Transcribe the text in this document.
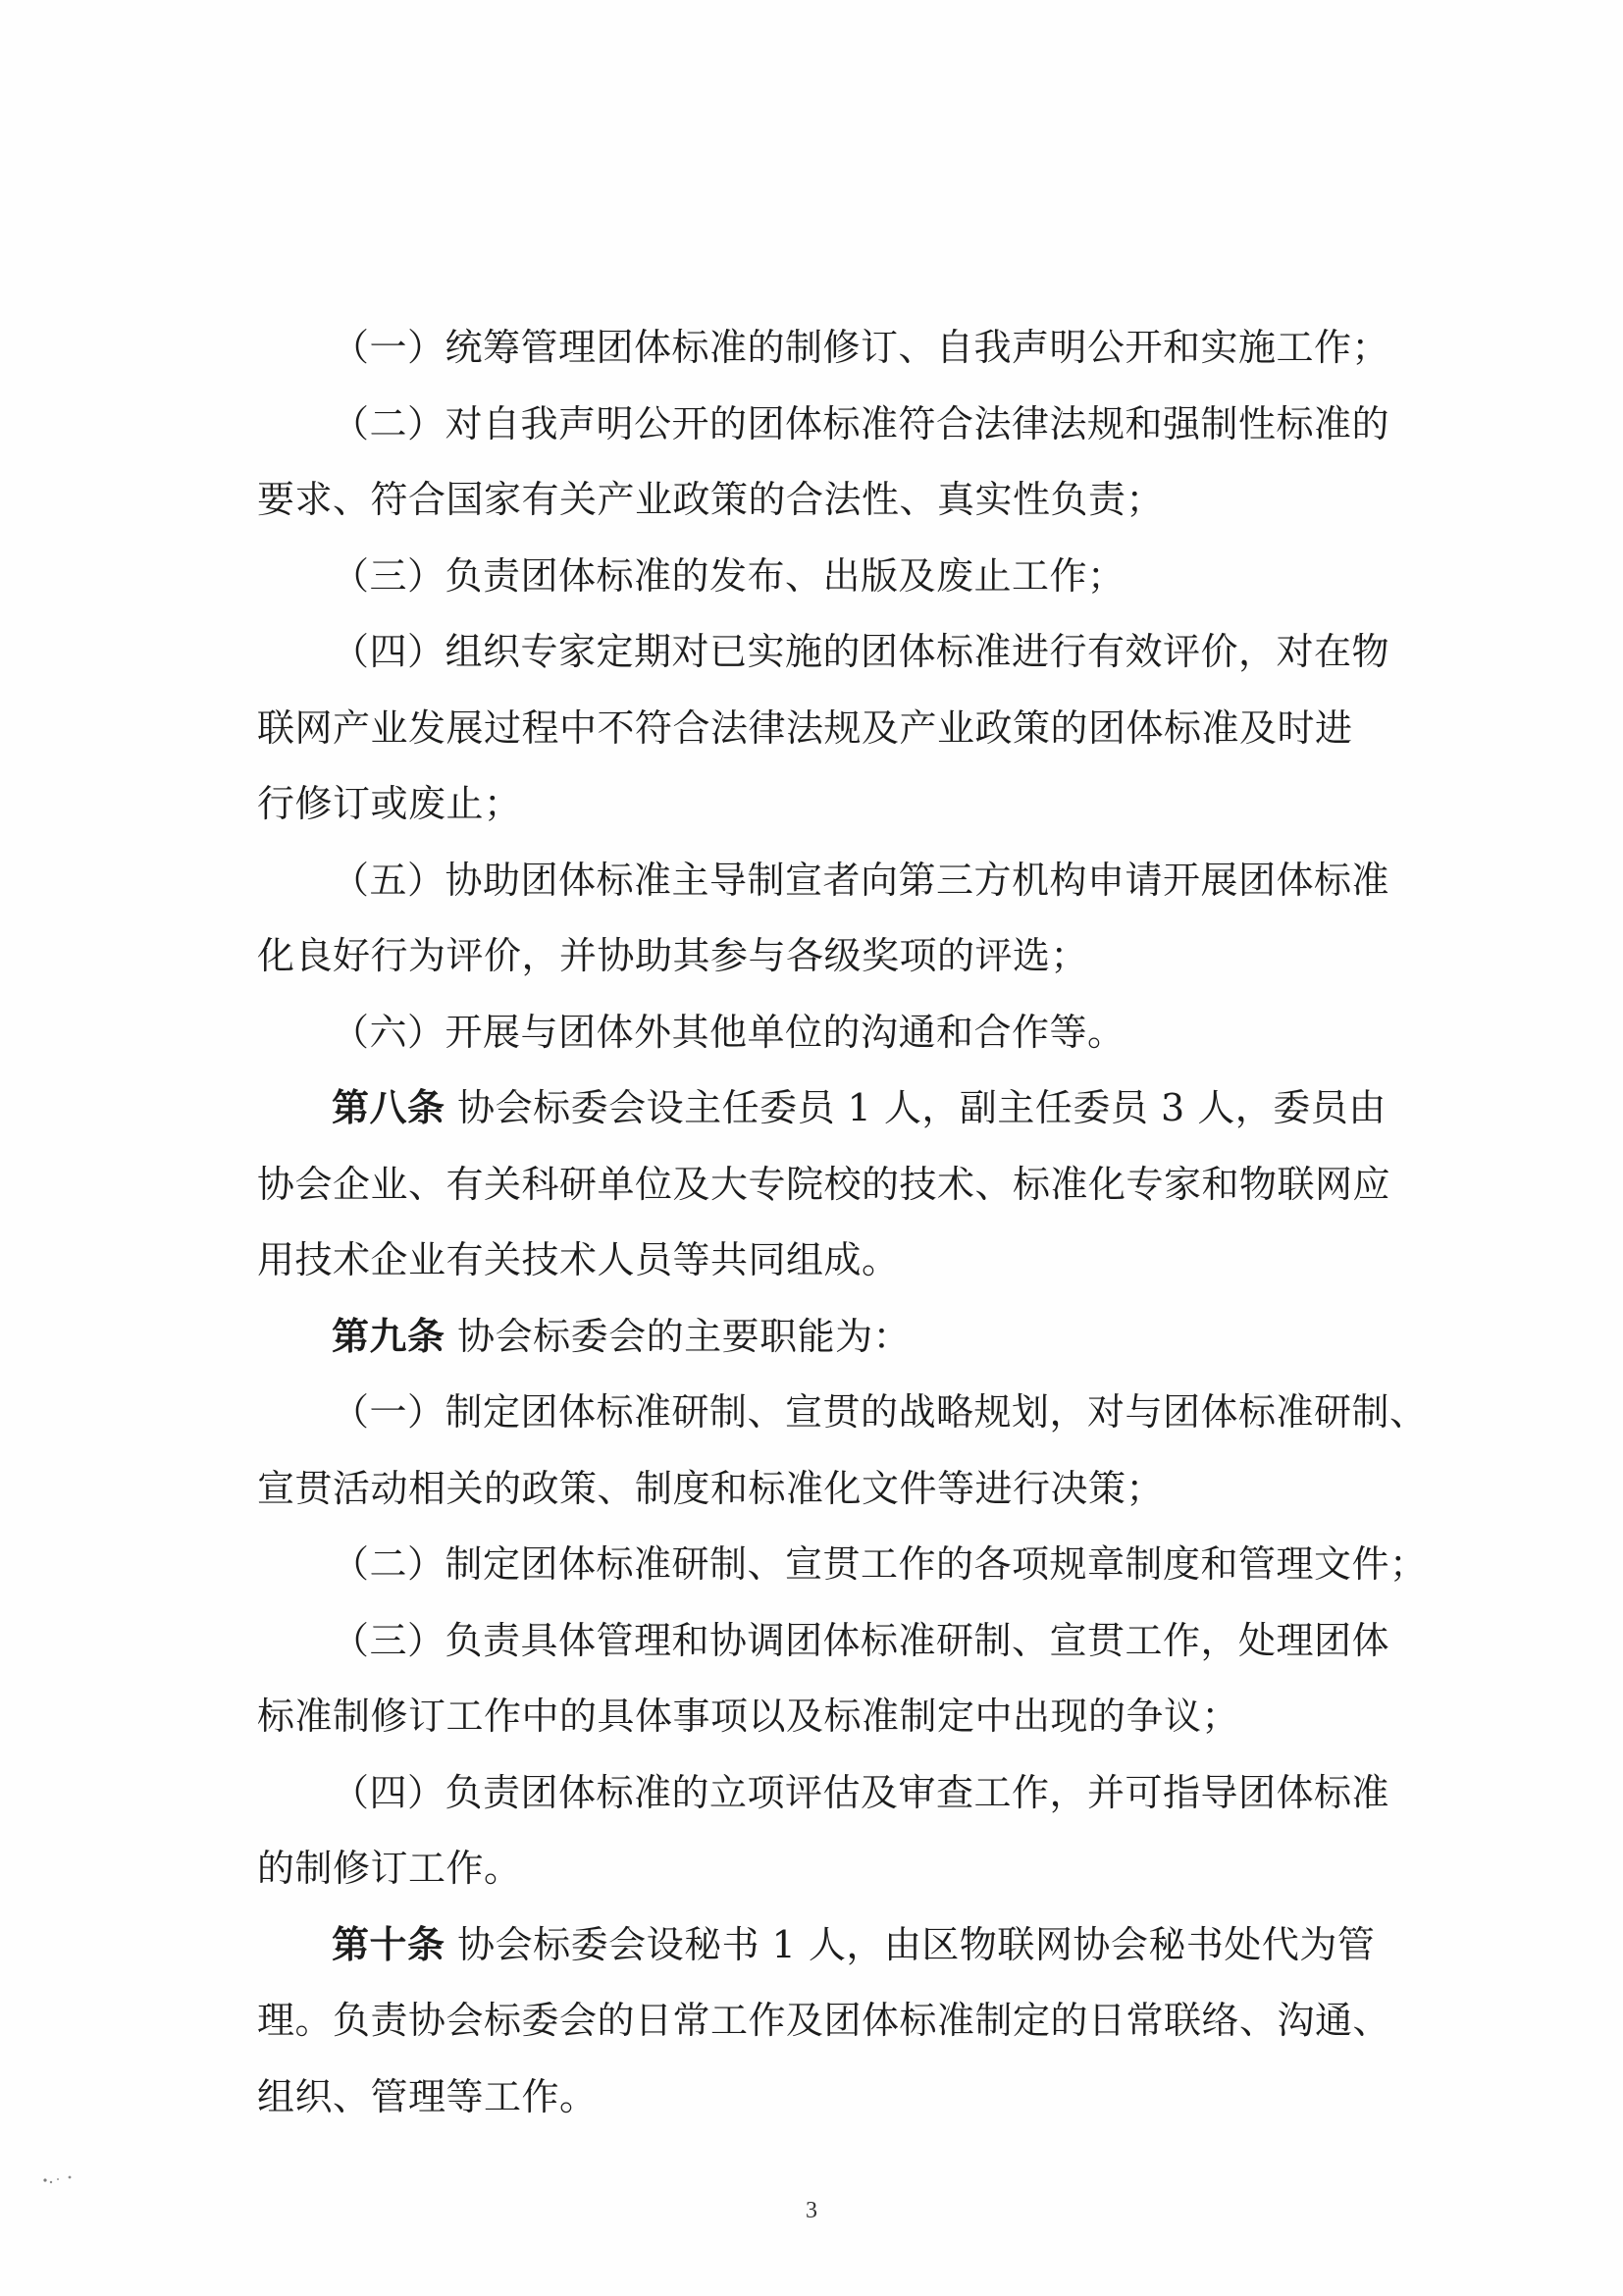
（一）统筹管理团体标准的制修订、自我声明公开和实施工作；
（二）对自我声明公开的团体标准符合法律法规和强制性标准的
要求、符合国家有关产业政策的合法性、真实性负责；
（三）负责团体标准的发布、出版及废止工作；
（四）组织专家定期对已实施的团体标准进行有效评价，对在物
联网产业发展过程中不符合法律法规及产业政策的团体标准及时进
行修订或废止；
（五）协助团体标准主导制宣者向第三方机构申请开展团体标准
化良好行为评价，并协助其参与各级奖项的评选；
（六）开展与团体外其他单位的沟通和合作等。
第八条 协会标委会设主任委员 1 人，副主任委员 3 人，委员由
协会企业、有关科研单位及大专院校的技术、标准化专家和物联网应
用技术企业有关技术人员等共同组成。
第九条 协会标委会的主要职能为：
（一）制定团体标准研制、宣贯的战略规划，对与团体标准研制、
宣贯活动相关的政策、制度和标准化文件等进行决策；
（二）制定团体标准研制、宣贯工作的各项规章制度和管理文件；
（三）负责具体管理和协调团体标准研制、宣贯工作，处理团体
标准制修订工作中的具体事项以及标准制定中出现的争议；
（四）负责团体标准的立项评估及审查工作，并可指导团体标准
的制修订工作。
第十条 协会标委会设秘书 1 人，由区物联网协会秘书处代为管
理。负责协会标委会的日常工作及团体标准制定的日常联络、沟通、
组织、管理等工作。
3
